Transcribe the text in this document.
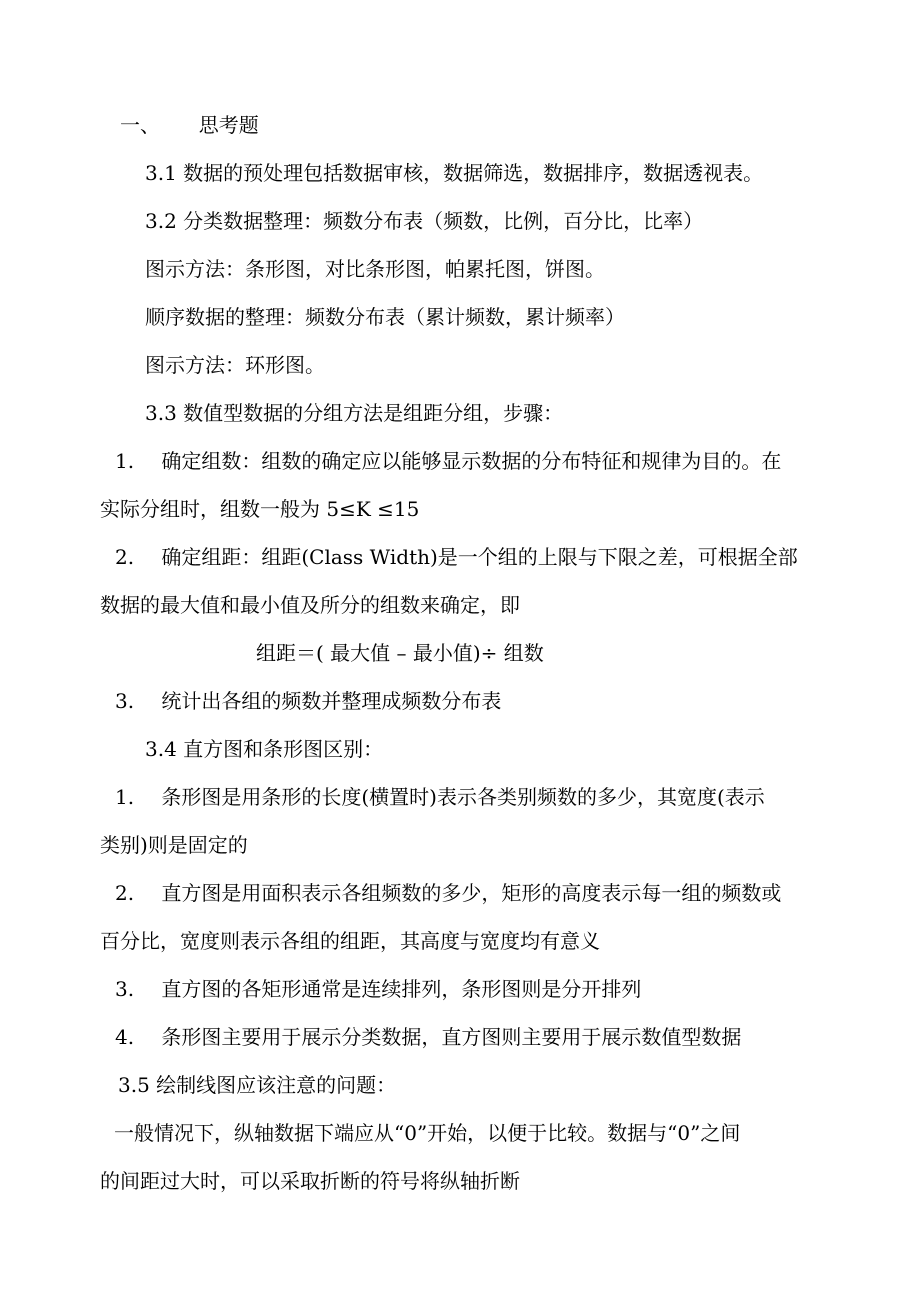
一、 思考题
3.1 数据的预处理包括数据审核，数据筛选，数据排序，数据透视表。
3.2 分类数据整理：频数分布表（频数，比例，百分比，比率）
图示方法：条形图，对比条形图，帕累托图，饼图。
顺序数据的整理：频数分布表（累计频数，累计频率）
图示方法：环形图。
3.3 数值型数据的分组方法是组距分组，步骤：
1. 确定组数：组数的确定应以能够显示数据的分布特征和规律为目的。在
实际分组时，组数一般为 5≤K ≤15
2. 确定组距：组距(Class Width)是一个组的上限与下限之差，可根据全部
数据的最大值和最小值及所分的组数来确定，即
组距＝( 最大值 – 最小值)÷ 组数
3. 统计出各组的频数并整理成频数分布表
3.4 直方图和条形图区别：
1. 条形图是用条形的长度(横置时)表示各类别频数的多少，其宽度(表示
类别)则是固定的
2. 直方图是用面积表示各组频数的多少，矩形的高度表示每一组的频数或
百分比，宽度则表示各组的组距，其高度与宽度均有意义
3. 直方图的各矩形通常是连续排列，条形图则是分开排列
4. 条形图主要用于展示分类数据，直方图则主要用于展示数值型数据
3.5 绘制线图应该注意的问题：
一般情况下，纵轴数据下端应从“0”开始，以便于比较。数据与“0”之间
的间距过大时，可以采取折断的符号将纵轴折断
